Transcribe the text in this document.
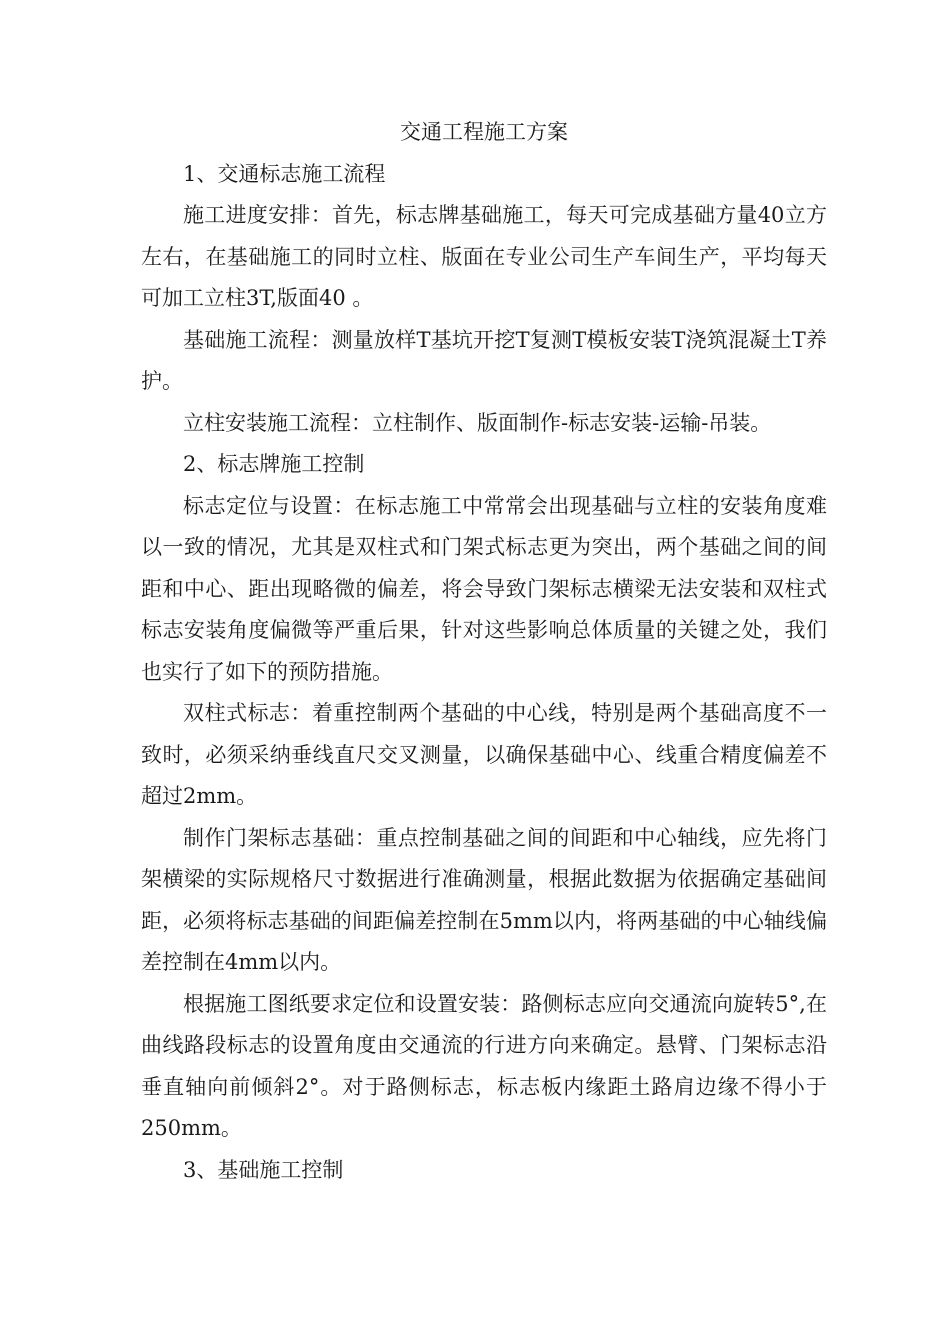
交通工程施工方案

1、交通标志施工流程

施工进度安排：首先，标志牌基础施工，每天可完成基础方量40立方左右，在基础施工的同时立柱、版面在专业公司生产车间生产，平均每天可加工立柱3T,版面40 。

基础施工流程：测量放样T基坑开挖T复测T模板安装T浇筑混凝土T养护。

立柱安装施工流程：立柱制作、版面制作-标志安装-运输-吊装。

2、标志牌施工控制

标志定位与设置：在标志施工中常常会出现基础与立柱的安装角度难以一致的情况，尤其是双柱式和门架式标志更为突出，两个基础之间的间距和中心、距出现略微的偏差，将会导致门架标志横梁无法安装和双柱式标志安装角度偏微等严重后果，针对这些影响总体质量的关键之处，我们也实行了如下的预防措施。

双柱式标志：着重控制两个基础的中心线，特别是两个基础高度不一致时，必须采纳垂线直尺交叉测量，以确保基础中心、线重合精度偏差不超过2mm。

制作门架标志基础：重点控制基础之间的间距和中心轴线，应先将门架横梁的实际规格尺寸数据进行准确测量，根据此数据为依据确定基础间距，必须将标志基础的间距偏差控制在5mm以内，将两基础的中心轴线偏差控制在4mm以内。

根据施工图纸要求定位和设置安装：路侧标志应向交通流向旋转5°,在曲线路段标志的设置角度由交通流的行进方向来确定。悬臂、门架标志沿垂直轴向前倾斜2°。对于路侧标志，标志板内缘距土路肩边缘不得小于250mm。

3、基础施工控制
